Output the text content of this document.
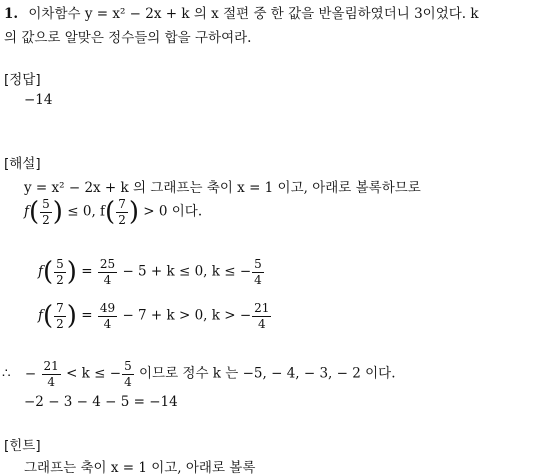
1. 이차함수 y = x² − 2x + k 의 x 절편 중 한 값을 반올림하였더니 3이었다. k
의 값으로 알맞은 정수들의 합을 구하여라.
[정답]
−14
[해설]
y = x² − 2x + k 의 그래프는 축이 x = 1 이고, 아래로 볼록하므로
$f( \frac{5}{2}$ ) ≤ 0, $f( \frac{7}{2}$ ) > 0 이다.
$f( \frac{5}{2}$ ) = $\frac{25}{4} - 5 + k \le 0$, k ≤ − $\frac{5}{4}$
$f( \frac{7}{2}$ ) = $\frac{49}{4} - 7 + k > 0$, k > − $\frac{21}{4}$
∴ − $\frac{21}{4} < k$ ≤ − $\frac{5}{4}$ 이므로 정수 k 는 −5, − 4, − 3, − 2 이다.
−2 − 3 − 4 − 5 = −14
[힌트]
그래프는 축이 x = 1 이고, 아래로 볼록
